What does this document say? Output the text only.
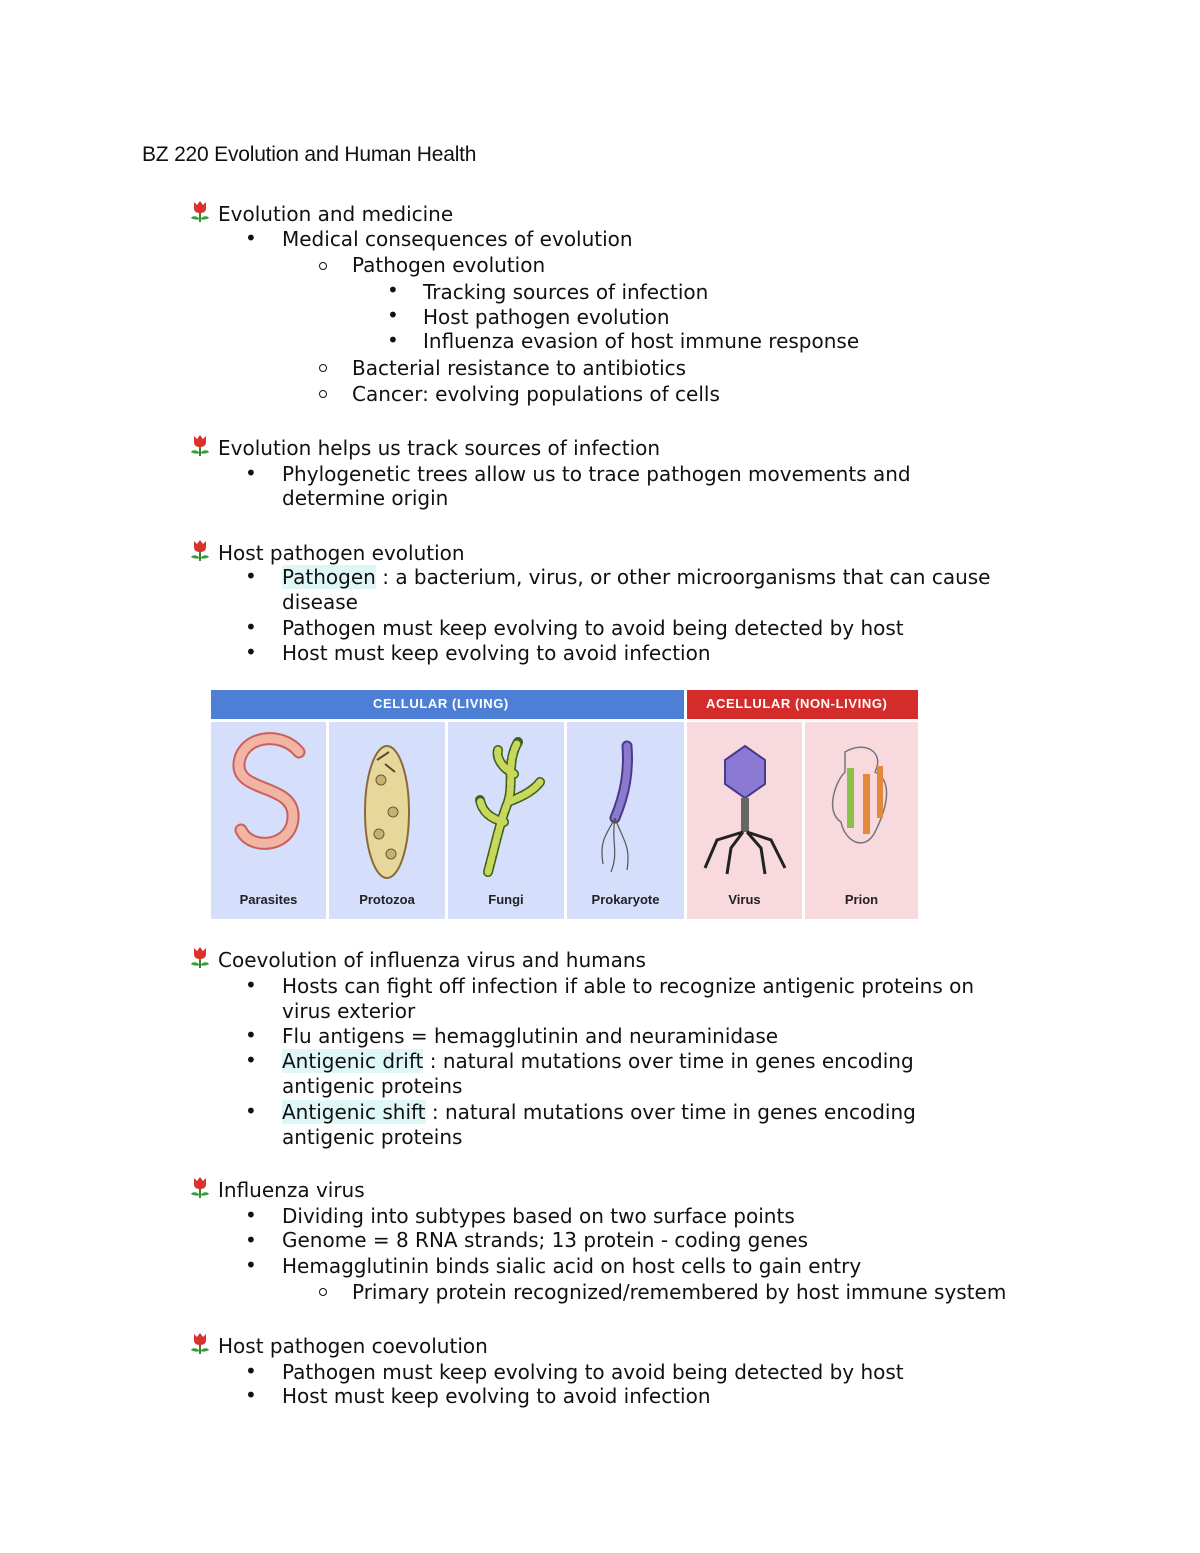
BZ 220 Evolution and Human Health
Evolution and medicine
• Medical consequences of evolution
Pathogen evolution
• Tracking sources of infection
• Host pathogen evolution
• Influenza evasion of host immune response
Bacterial resistance to antibiotics
Cancer: evolving populations of cells
Evolution helps us track sources of infection
• Phylogenetic trees allow us to trace pathogen movements and
determine origin
Host pathogen evolution
• Pathogen : a bacterium, virus, or other microorganisms that can cause
disease
• Pathogen must keep evolving to avoid being detected by host
• Host must keep evolving to avoid infection
CELLULAR (LIVING)	ACELLULAR (NON-LIVING)
Parasites	Protozoa	Fungi	Prokaryote	Virus	Prion
Coevolution of influenza virus and humans
• Hosts can fight off infection if able to recognize antigenic proteins on
virus exterior
• Flu antigens = hemagglutinin and neuraminidase
• Antigenic drift : natural mutations over time in genes encoding
antigenic proteins
• Antigenic shift : natural mutations over time in genes encoding
antigenic proteins
Influenza virus
• Dividing into subtypes based on two surface points
• Genome = 8 RNA strands; 13 protein - coding genes
• Hemagglutinin binds sialic acid on host cells to gain entry
Primary protein recognized/remembered by host immune system
Host pathogen coevolution
• Pathogen must keep evolving to avoid being detected by host
• Host must keep evolving to avoid infection
